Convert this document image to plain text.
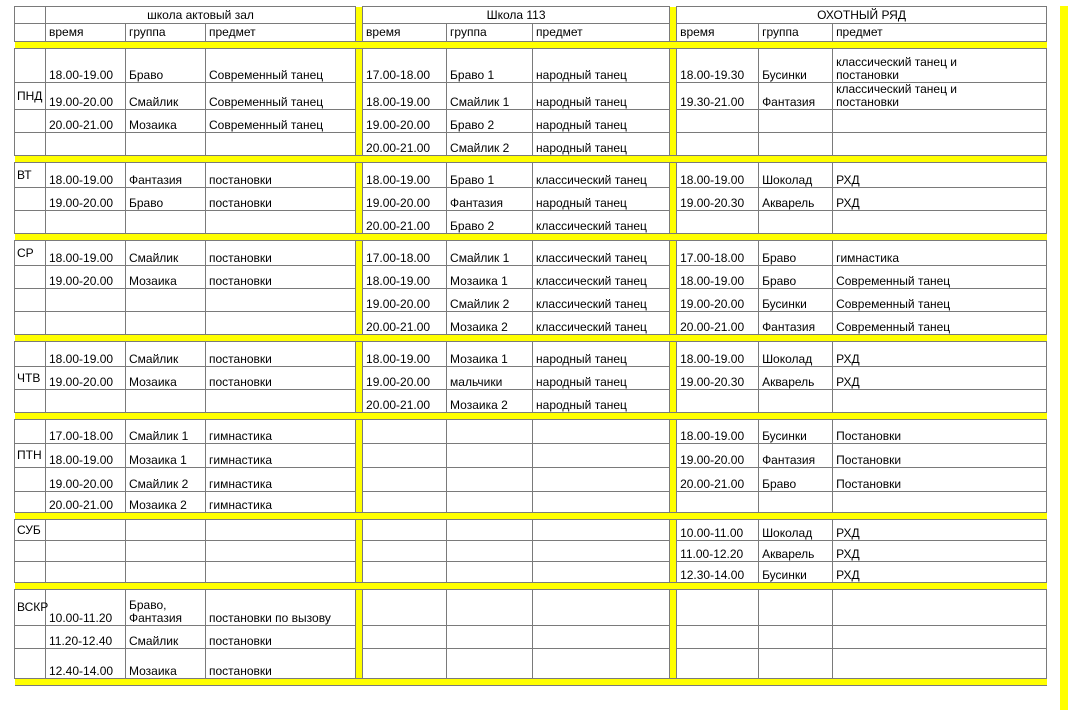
	школа актовый зал				Школа 113				ОХОТНЫЙ РЯД		
	время	группа	предмет		время	группа	предмет		время	группа	предмет

	18.00-19.00	Браво	Современный танец		17.00-18.00	Браво 1	народный танец		18.00-19.30	Бусинки	классический танец и
постановки
ПНД	19.00-20.00	Смайлик	Современный танец		18.00-19.00	Смайлик 1	народный танец		19.30-21.00	Фантазия	классический танец и
постановки
	20.00-21.00	Мозаика	Современный танец		19.00-20.00	Браво 2	народный танец				
					20.00-21.00	Смайлик 2	народный танец				

ВТ	18.00-19.00	Фантазия	постановки		18.00-19.00	Браво 1	классический танец		18.00-19.00	Шоколад	РХД
	19.00-20.00	Браво	постановки		19.00-20.00	Фантазия	народный танец		19.00-20.30	Акварель	РХД
					20.00-21.00	Браво 2	классический танец				

СР	18.00-19.00	Смайлик	постановки		17.00-18.00	Смайлик 1	классический танец		17.00-18.00	Браво	гимнастика
	19.00-20.00	Мозаика	постановки		18.00-19.00	Мозаика 1	классический танец		18.00-19.00	Браво	Современный танец
					19.00-20.00	Смайлик 2	классический танец		19.00-20.00	Бусинки	Современный танец
					20.00-21.00	Мозаика 2	классический танец		20.00-21.00	Фантазия	Современный танец

	18.00-19.00	Смайлик	постановки		18.00-19.00	Мозаика 1	народный танец		18.00-19.00	Шоколад	РХД
ЧТВ	19.00-20.00	Мозаика	постановки		19.00-20.00	мальчики	народный танец		19.00-20.30	Акварель	РХД
					20.00-21.00	Мозаика 2	народный танец				

	17.00-18.00	Смайлик 1	гимнастика						18.00-19.00	Бусинки	Постановки
ПТН	18.00-19.00	Мозаика 1	гимнастика						19.00-20.00	Фантазия	Постановки
	19.00-20.00	Смайлик 2	гимнастика						20.00-21.00	Браво	Постановки
	20.00-21.00	Мозаика 2	гимнастика								

СУБ									10.00-11.00	Шоколад	РХД
									11.00-12.20	Акварель	РХД
									12.30-14.00	Бусинки	РХД

ВСКР	10.00-11.20	Браво,
Фантазия	постановки по вызову								
	11.20-12.40	Смайлик	постановки								
	12.40-14.00	Мозаика	постановки								
